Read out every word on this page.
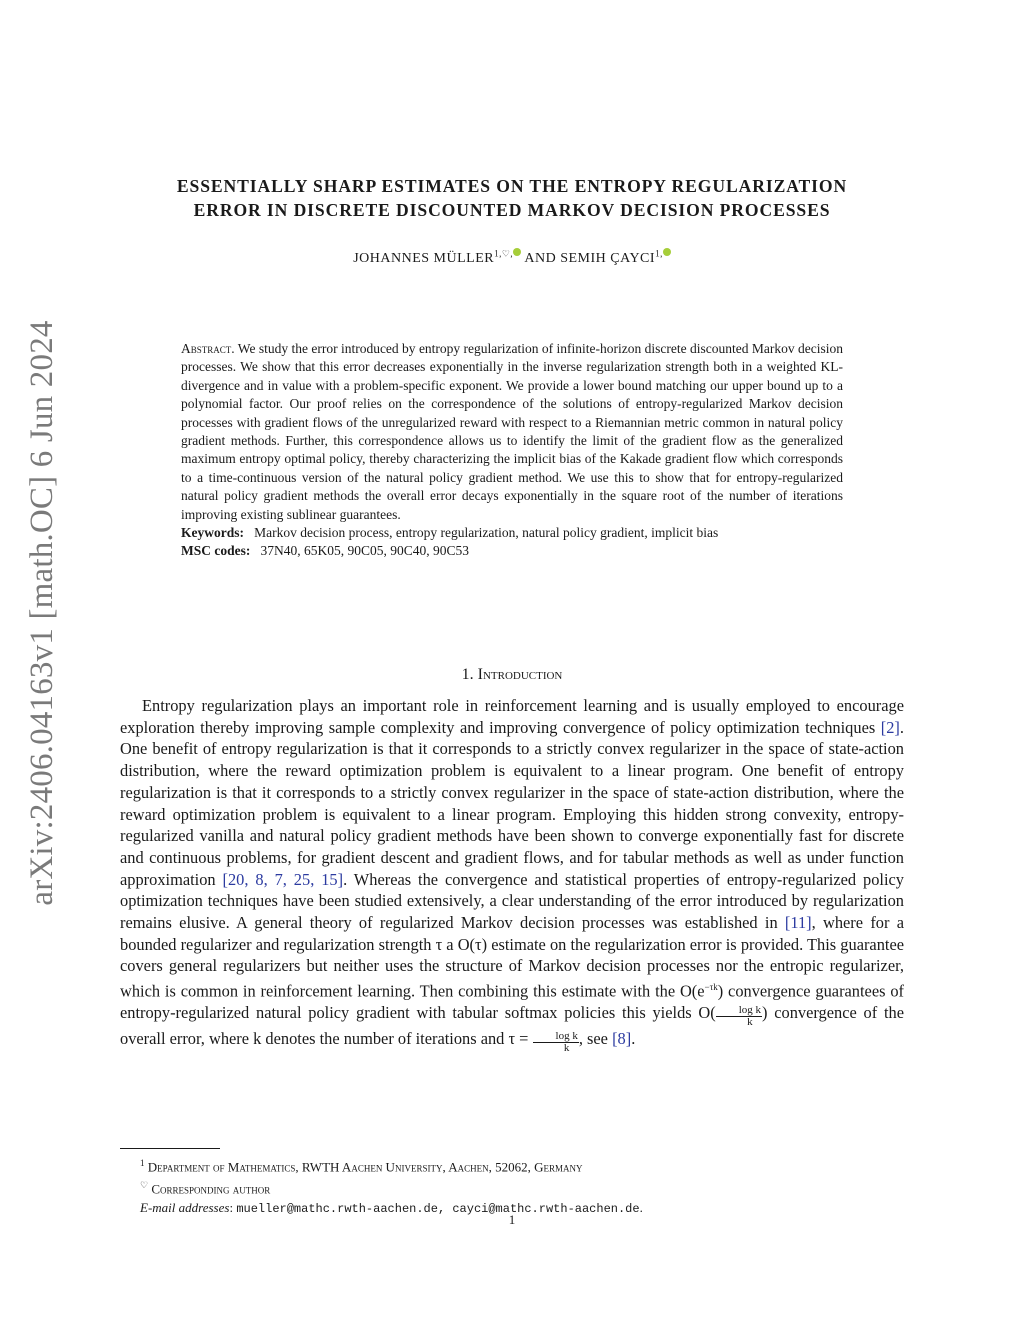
arXiv:2406.04163v1 [math.OC] 6 Jun 2024
ESSENTIALLY SHARP ESTIMATES ON THE ENTROPY REGULARIZATION
ERROR IN DISCRETE DISCOUNTED MARKOV DECISION PROCESSES
JOHANNES $MÜLLER^{1,♡,}$ AND SEMIH $ÇAYCI^{1,}$
Abstract. We study the error introduced by entropy regularization of infinite-horizon discrete discounted Markov decision processes. We show that this error decreases exponentially in the inverse regularization strength both in a weighted KL-divergence and in value with a problem-specific exponent. We provide a lower bound matching our upper bound up to a polynomial factor. Our proof relies on the correspondence of the solutions of entropy-regularized Markov decision processes with gradient flows of the unregularized reward with respect to a Riemannian metric common in natural policy gradient methods. Further, this correspondence allows us to identify the limit of the gradient flow as the generalized maximum entropy optimal policy, thereby characterizing the implicit bias of the Kakade gradient flow which corresponds to a time-continuous version of the natural policy gradient method. We use this to show that for entropy-regularized natural policy gradient methods the overall error decays exponentially in the square root of the number of iterations improving existing sublinear guarantees.
Keywords: Markov decision process, entropy regularization, natural policy gradient, implicit bias
MSC codes: 37N40, 65K05, 90C05, 90C40, 90C53
1. Introduction

Entropy regularization plays an important role in reinforcement learning and is usually employed to encourage exploration thereby improving sample complexity and improving convergence of policy optimization techniques [2]. One benefit of entropy regularization is that it corresponds to a strictly convex regularizer in the space of state-action distribution, where the reward optimization problem is equivalent to a linear program. One benefit of entropy regularization is that it corresponds to a strictly convex regularizer in the space of state-action distribution, where the reward optimization problem is equivalent to a linear program. Employing this hidden strong convexity, entropy-regularized vanilla and natural policy gradient methods have been shown to converge exponentially fast for discrete and continuous problems, for gradient descent and gradient flows, and for tabular methods as well as under function approximation [20, 8, 7, 25, 15]. Whereas the convergence and statistical properties of entropy-regularized policy optimization techniques have been studied extensively, a clear understanding of the error introduced by regularization remains elusive. A general theory of regularized Markov decision processes was established in [11], where for a bounded regularizer and regularization strength τ a O(τ) estimate on the regularization error is provided. This guarantee covers general regularizers but neither uses the structure of Markov decision processes nor the entropic regularizer, which is common in reinforcement learning. Then combining this estimate with the $O(e^{-\tau k})$ convergence guarantees of entropy-regularized natural policy gradient with tabular softmax policies this yields $O( \frac{\text{log k}}{k}$ ) convergence of the overall error, where k denotes the number of iterations and $\tau = \frac{\text{log k}}{k}$ , see [8].

$^1$ Department of Mathematics, RWTH Aachen University, Aachen, 52062, Germany
♡ Corresponding author
E-mail addresses: mueller@mathc.rwth-aachen.de, cayci@mathc.rwth-aachen.de.
1
